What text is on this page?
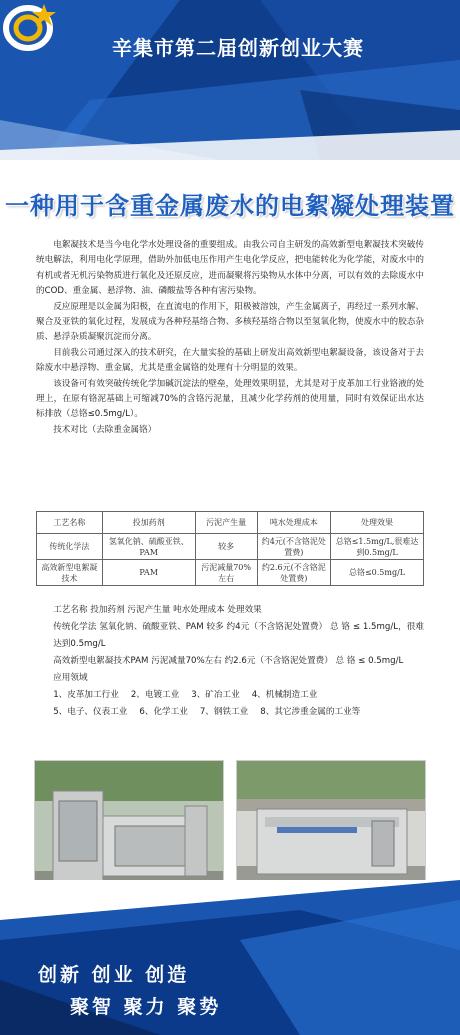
辛集市第二届创新创业大赛
一种用于含重金属废水的电絮凝处理装置

电絮凝技术是当今电化学水处理设备的重要组成。由我公司自主研发的高效新型电絮凝技术突破传统电解法，利用电化学原理，借助外加低电压作用产生电化学反应，把电能转化为化学能，对废水中的有机或者无机污染物质进行氧化及还原反应，进而凝聚将污染物从水体中分离，可以有效的去除废水中的COD、重金属、悬浮物、油、磷酸盐等各种有害污染物。

反应原理是以金属为阳极，在直流电的作用下，阳极被溶蚀，产生金属离子，再经过一系列水解、聚合及亚铁的氧化过程，发展成为各种羟基络合物、多核羟基络合物以至氢氧化物，使废水中的胶态杂质、悬浮杂质凝聚沉淀而分离。

目前我公司通过深入的技术研究，在大量实验的基础上研发出高效新型电絮凝设备，该设备对于去除废水中悬浮物、重金属，尤其是重金属铬的处理有十分明显的效果。

该设备可有效突破传统化学加碱沉淀法的壁垒，处理效果明显，尤其是对于皮革加工行业铬液的处理上，在原有铬泥基础上可缩减70%的含铬污泥量，且减少化学药剂的使用量，同时有效保证出水达标排放（总铬≤0.5mg/L）。

技术对比（去除重金属铬）
工艺名称	投加药剂	污泥产生量	吨水处理成本	处理效果
传统化学法	氢氧化钠、硫酸亚铁、PAM	较多	约4元(不含铬泥处置费)	总铬≤1.5mg/L,很难达到0.5mg/L
高效新型电絮凝技术	PAM	污泥减量70%左右	约2.6元(不含铬泥处置费)	总铬≤0.5mg/L
工艺名称 投加药剂 污泥产生量 吨水处理成本 处理效果
传统化学法 氢氧化钠、硫酸亚铁、PAM 较多 约4元（不含铬泥处置费） 总 铬 ≤ 1.5mg/L，很难达到0.5mg/L
高效新型电絮凝技术PAM 污泥减量70%左右 约2.6元（不含铬泥处置费） 总 铬 ≤ 0.5mg/L
应用领域
1、皮革加工行业 2、电镀工业 3、矿冶工业 4、机械制造工业
5、电子、仪表工业 6、化学工业 7、钢铁工业 8、其它涉重金属的工业等
创新 创业 创造
聚智 聚力 聚势
